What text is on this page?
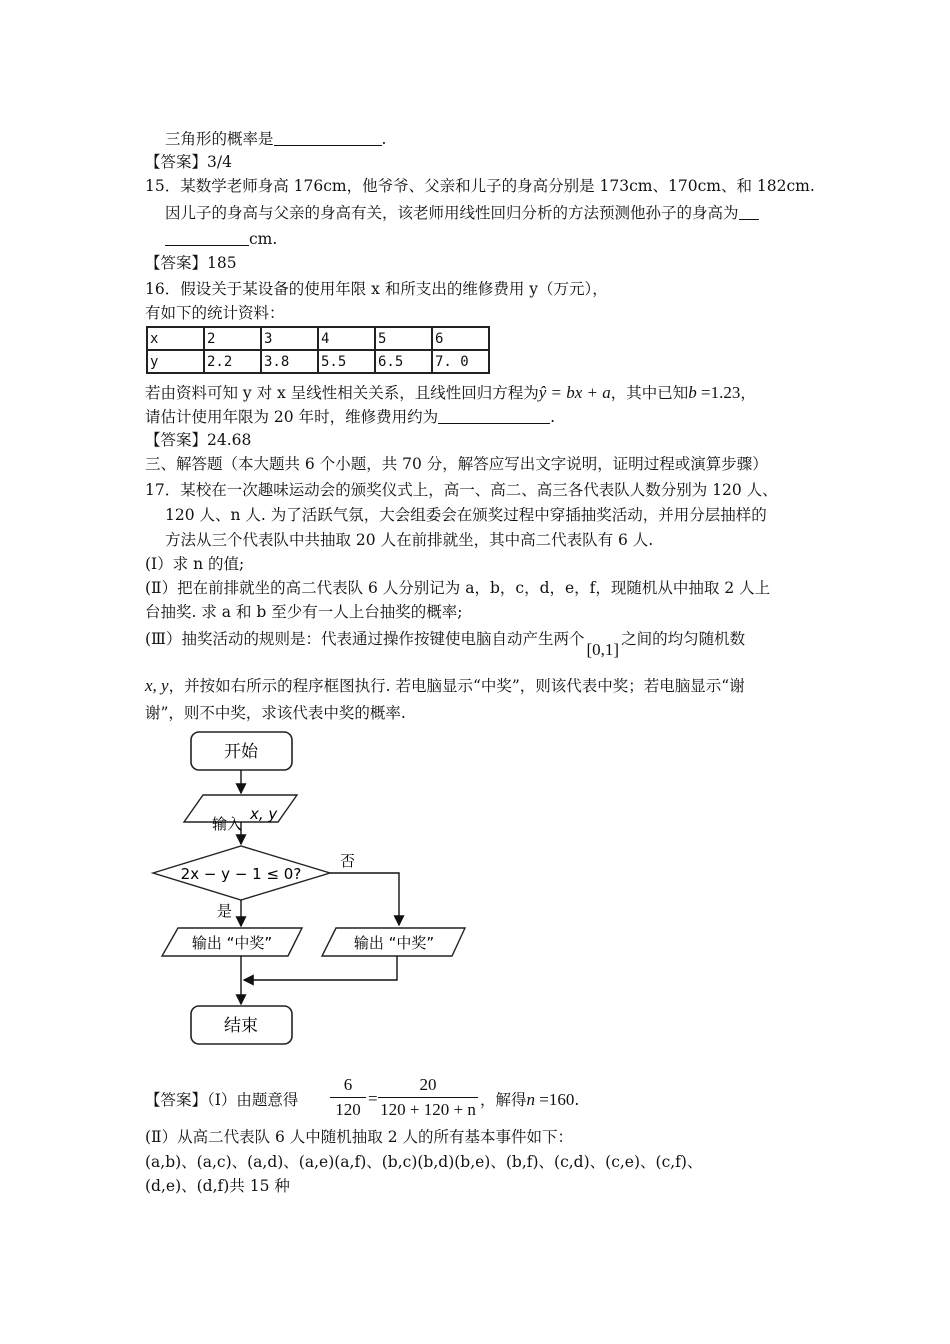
三角形的概率是	.
【答案】3/4
15．某数学老师身高 176cm，他爷爷、父亲和儿子的身高分别是 173cm、170cm、和 182cm.
因儿子的身高与父亲的身高有关，该老师用线性回归分析的方法预测他孙子的身高为
cm.
【答案】185
16．假设关于某设备的使用年限 x 和所支出的维修费用 y（万元），
有如下的统计资料：
x	2	3	4	5	6
y	2.2	3.8	5.5	6.5	7. 0
若由资料可知 y 对 x 呈线性相关关系，且线性回归方程为ŷ = bx + a，其中已知b =1.23，
请估计使用年限为 20 年时，维修费用约为	.
【答案】24.68
三、解答题（本大题共 6 个小题，共 70 分，解答应写出文字说明，证明过程或演算步骤）
17．某校在一次趣味运动会的颁奖仪式上，高一、高二、高三各代表队人数分别为 120 人、
120 人、n 人. 为了活跃气氛，大会组委会在颁奖过程中穿插抽奖活动，并用分层抽样的
方法从三个代表队中共抽取 20 人在前排就坐，其中高二代表队有 6 人.
(Ⅰ）求 n 的值;
(Ⅱ）把在前排就坐的高二代表队 6 人分别记为 a，b，c，d，e，f，现随机从中抽取 2 人上
台抽奖. 求 a 和 b 至少有一人上台抽奖的概率;
(Ⅲ）抽奖活动的规则是：代表通过操作按键使电脑自动产生两个[0,1]之间的均匀随机数
x, y，并按如右所示的程序框图执行. 若电脑显示“中奖”，则该代表中奖；若电脑显示“谢
谢”，则不中奖，求该代表中奖的概率.
开始
输入
x, y
2x − y − 1 ≤ 0?
否
是
输出 “中奖”	输出 “中奖”
结束
【答案】（Ⅰ）由题意得 $\frac{6}{120} = \frac{20}{120 + 120 + n}$ ，解得n =160.
(Ⅱ）从高二代表队 6 人中随机抽取 2 人的所有基本事件如下：
(a,b)、(a,c)、(a,d)、(a,e)(a,f)、(b,c)(b,d)(b,e)、(b,f)、(c,d)、(c,e)、(c,f)、
(d,e)、(d,f)共 15 种
